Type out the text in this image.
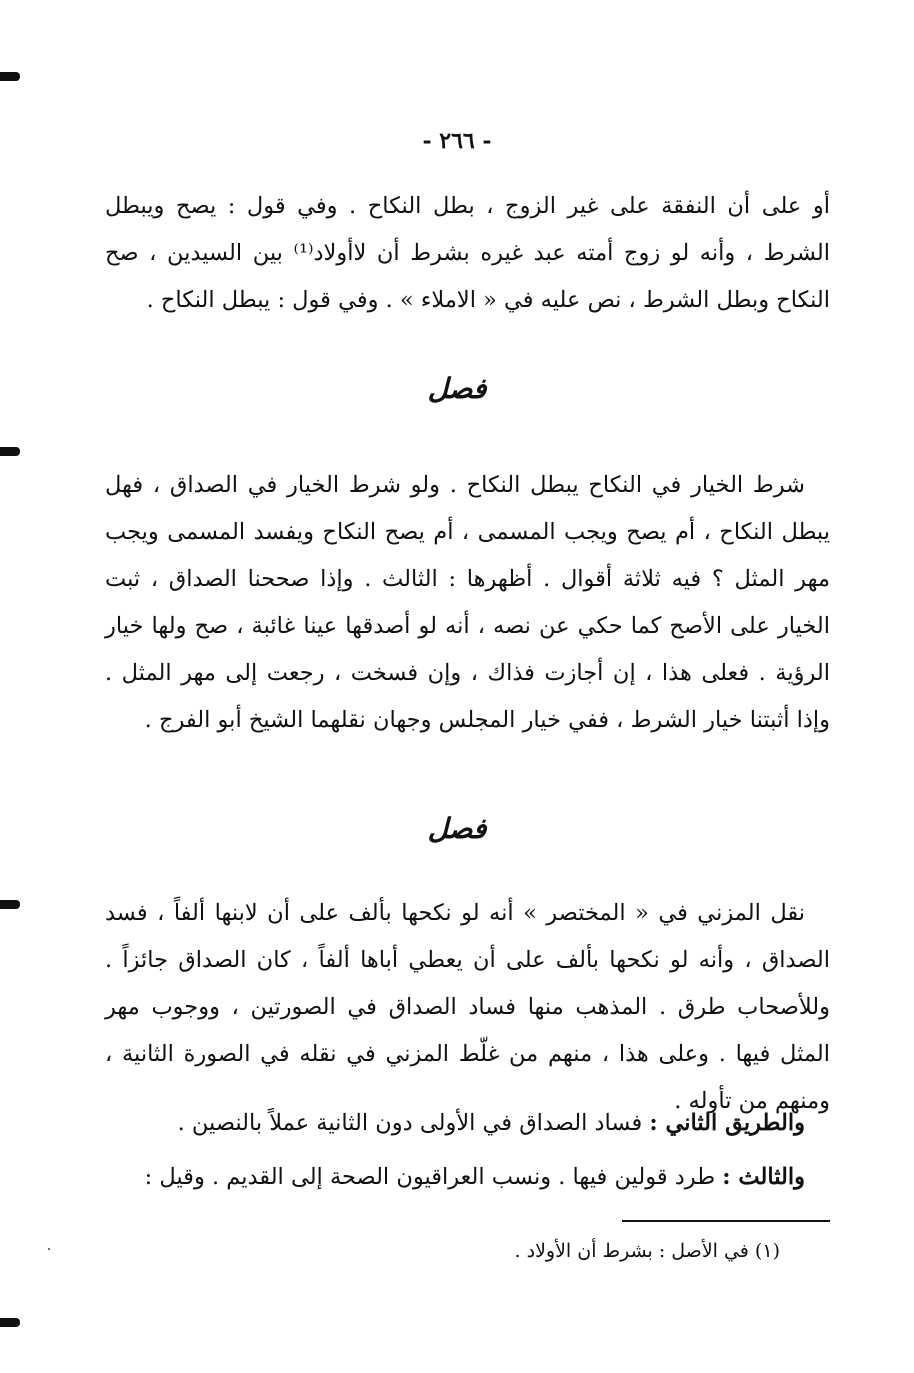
- ٢٦٦ -

أو على أن النفقة على غير الزوج ، بطل النكاح . وفي قول : يصح ويبطل الشرط ، وأنه لو زوج أمته عبد غيره بشرط أن لاأولاد⁽¹⁾ بين السيدين ، صح النكاح وبطل الشرط ، نص عليه في « الاملاء » . وفي قول : يبطل النكاح .

فصل

شرط الخيار في النكاح يبطل النكاح . ولو شرط الخيار في الصداق ، فهل يبطل النكاح ، أم يصح ويجب المسمى ، أم يصح النكاح ويفسد المسمى ويجب مهر المثل ؟ فيه ثلاثة أقوال . أظهرها : الثالث . وإذا صححنا الصداق ، ثبت الخيار على الأصح كما حكي عن نصه ، أنه لو أصدقها عينا غائبة ، صح ولها خيار الرؤية . فعلى هذا ، إن أجازت فذاك ، وإن فسخت ، رجعت إلى مهر المثل . وإذا أثبتنا خيار الشرط ، ففي خيار المجلس وجهان نقلهما الشيخ أبو الفرج .

فصل

نقل المزني في « المختصر » أنه لو نكحها بألف على أن لابنها ألفاً ، فسد الصداق ، وأنه لو نكحها بألف على أن يعطي أباها ألفاً ، كان الصداق جائزاً . وللأصحاب طرق . المذهب منها فساد الصداق في الصورتين ، ووجوب مهر المثل فيها . وعلى هذا ، منهم من غلّط المزني في نقله في الصورة الثانية ، ومنهم من تأوله .

والطريق الثاني : فساد الصداق في الأولى دون الثانية عملاً بالنصين .

والثالث : طرد قولين فيها . ونسب العراقيون الصحة إلى القديم . وقيل :

(١) في الأصل : بشرط أن الأولاد .
